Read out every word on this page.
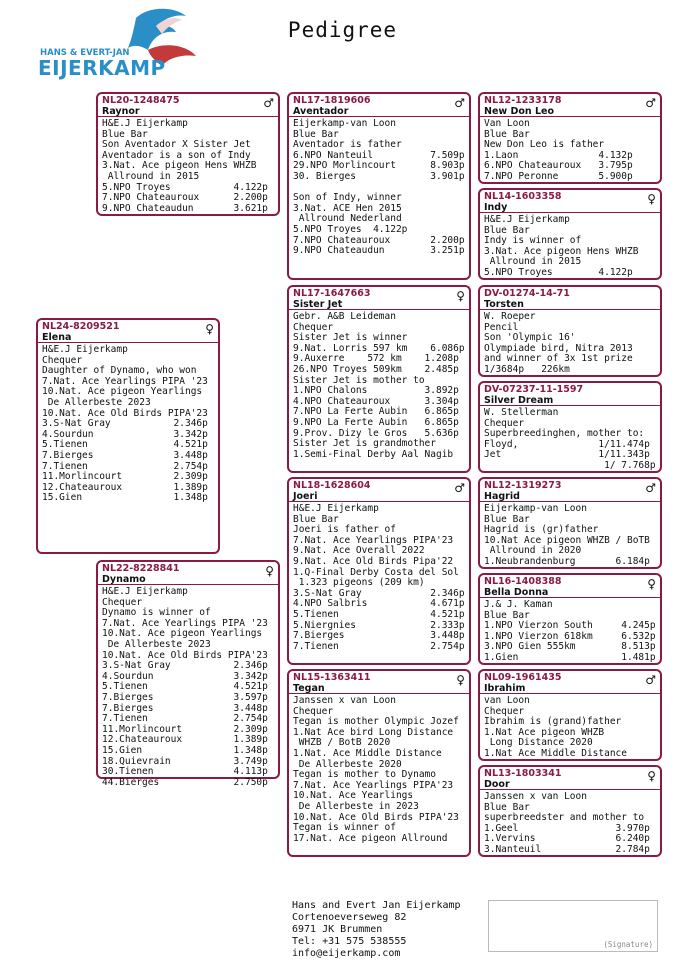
Pedigree
HANS & EVERT-JAN
EIJERKAMP
NL24-8209521
Elena
♀
H&E.J Eijerkamp
Chequer
Daughter of Dynamo, who won
7.Nat. Ace Yearlings PIPA '23
10.Nat. Ace pigeon Yearlings
De Allerbeste 2023
10.Nat. Ace Old Birds PIPA'23
3.S-Nat Gray           2.346p
4.Sourdun              3.342p
5.Tienen               4.521p
7.Bierges              3.448p
7.Tienen               2.754p
11.Morlincourt         2.309p
12.Chateauroux         1.389p
15.Gien                1.348p
NL20-1248475
Raynor
♂
H&E.J Eijerkamp
Blue Bar
Son Aventador X Sister Jet
Aventador is a son of Indy
3.Nat. Ace pigeon Hens WHZB
Allround in 2015
5.NPO Troyes           4.122p
7.NPO Chateauroux      2.200p
9.NPO Chateaudun       3.621p
NL22-8228841
Dynamo
♀
H&E.J Eijerkamp
Chequer
Dynamo is winner of
7.Nat. Ace Yearlings PIPA '23
10.Nat. Ace pigeon Yearlings
De Allerbeste 2023
10.Nat. Ace Old Birds PIPA'23
3.S-Nat Gray           2.346p
4.Sourdun              3.342p
5.Tienen               4.521p
7.Bierges              3.597p
7.Bierges              3.448p
7.Tienen               2.754p
11.Morlincourt         2.309p
12.Chateauroux         1.389p
15.Gien                1.348p
18.Quievrain           3.749p
30.Tienen              4.113p
44.Bierges             2.750p
NL17-1819606
Aventador
♂
Eijerkamp-van Loon
Blue Bar
Aventador is father
6.NPO Nanteuil          7.509p
29.NPO Morlincourt      8.903p
30. Bierges             3.901p

Son of Indy, winner
3.Nat. ACE Hen 2015
Allround Nederland
5.NPO Troyes  4.122p
7.NPO Chateauroux       2.200p
9.NPO Chateaudun        3.251p
NL17-1647663
Sister Jet
♀
Gebr. A&B Leideman
Chequer
Sister Jet is winner
9.Nat. Lorris 597 km    6.086p
9.Auxerre    572 km    1.208p
26.NPO Troyes 509km    2.485p
Sister Jet is mother to
1.NPO Chalons          3.892p
4.NPO Chateauroux      3.304p
7.NPO La Ferte Aubin   6.865p
9.NPO La Ferte Aubin   6.865p
9.Prov. Dizy le Gros   5.636p
Sister Jet is grandmother
1.Semi-Final Derby Aal Nagib
NL18-1628604
Joeri
♂
H&E.J Eijerkamp
Blue Bar
Joeri is father of
7.Nat. Ace Yearlings PIPA'23
9.Nat. Ace Overall 2022
9.Nat. Ace Old Birds Pipa'22
1.Q-Final Derby Costa del Sol
1.323 pigeons (209 km)
3.S-Nat Gray            2.346p
4.NPO Salbris           4.671p
5.Tienen                4.521p
5.Niergnies             2.333p
7.Bierges               3.448p
7.Tienen                2.754p
NL15-1363411
Tegan
♀
Janssen x van Loon
Chequer
Tegan is mother Olympic Jozef
1.Nat Ace bird Long Distance
WHZB / BotB 2020
1.Nat. Ace Middle Distance
De Allerbeste 2020
Tegan is mother to Dynamo
7.Nat. Ace Yearlings PIPA'23
10.Nat. Ace Yearlings
De Allerbeste in 2023
10.Nat. Ace Old Birds PIPA'23
Tegan is winner of
17.Nat. Ace pigeon Allround
NL12-1233178
New Don Leo
♂
Van Loon
Blue Bar
New Don Leo is father
1.Laon              4.132p
6.NPO Chateauroux   3.795p
7.NPO Peronne       5.900p
NL14-1603358
Indy
♀
H&E.J Eijerkamp
Blue Bar
Indy is winner of
3.Nat. Ace pigeon Hens WHZB
Allround in 2015
5.NPO Troyes        4.122p
DV-01274-14-71
Torsten
W. Roeper
Pencil
Son 'Olympic 16'
Olympiade bird, Nitra 2013
and winner of 3x 1st prize
1/3684p   226km
DV-07237-11-1597
Silver Dream
W. Stellerman
Chequer
Superbreedinghen, mother to:
Floyd,              1/11.474p
Jet                 1/11.343p
1/ 7.768p
NL12-1319273
Hagrid
♂
Eijerkamp-van Loon
Blue Bar
Hagrid is (gr)father
10.Nat Ace pigeon WHZB / BoTB
Allround in 2020
1.Neubrandenburg       6.184p
NL16-1408388
Bella Donna
♀
J.& J. Kaman
Blue Bar
1.NPO Vierzon South     4.245p
1.NPO Vierzon 618km     6.532p
3.NPO Gien 555km        8.513p
1.Gien                  1.481p
NL09-1961435
Ibrahim
♂
van Loon
Chequer
Ibrahim is (grand)father
1.Nat Ace pigeon WHZB
Long Distance 2020
1.Nat Ace Middle Distance
NL13-1803341
Door
♀
Janssen x van Loon
Blue Bar
superbreedster and mother to
1.Geel                 3.970p
1.Vervins              6.240p
3.Nanteuil             2.784p
Hans and Evert Jan Eijerkamp
Cortenoeverseweg 82
6971 JK Brummen
Tel: +31 575 538555
info@eijerkamp.com
(Signature)
